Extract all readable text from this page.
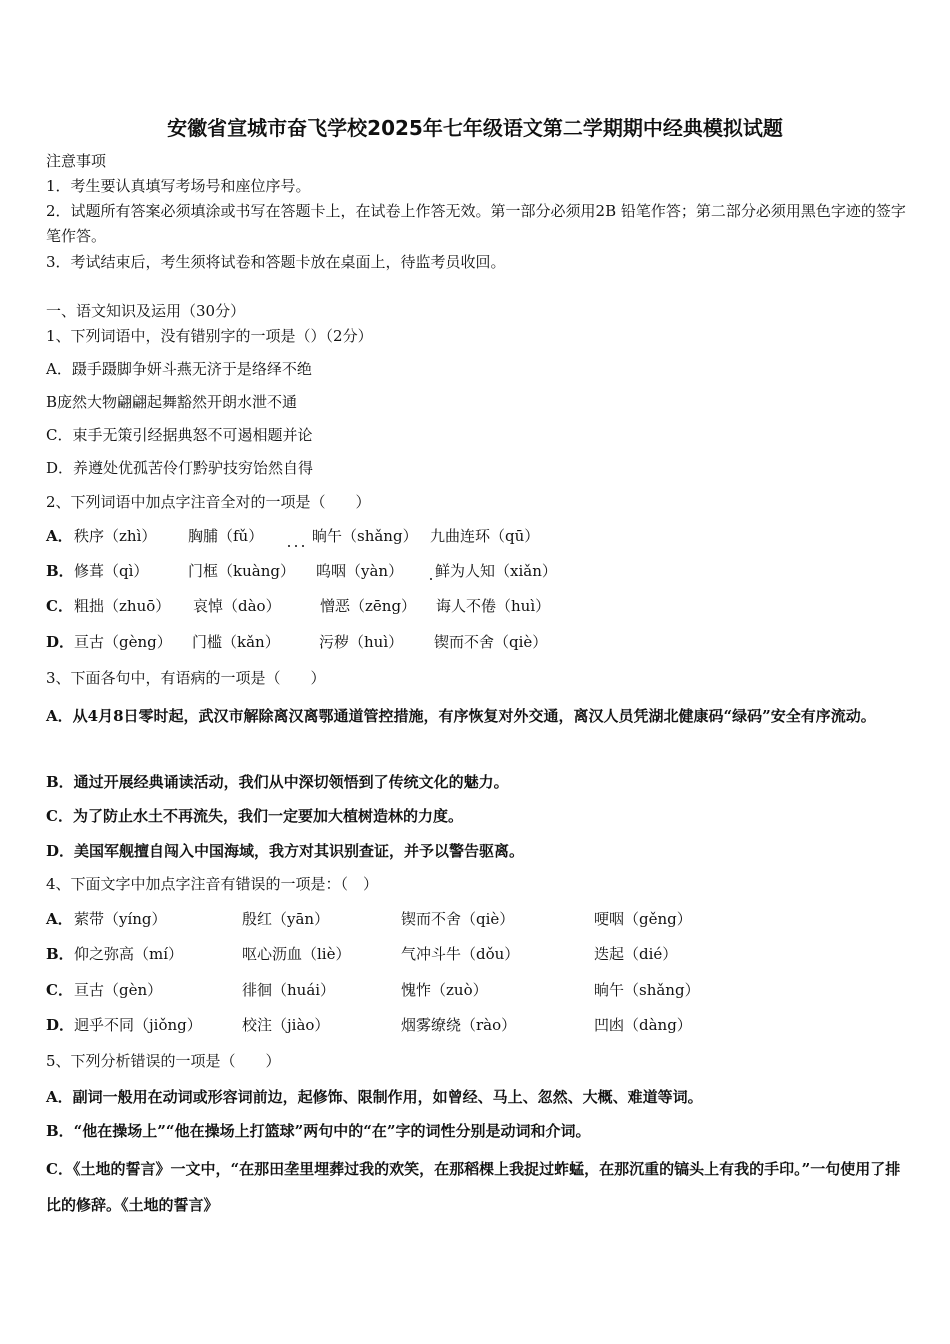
安徽省宣城市奋飞学校2025年七年级语文第二学期期中经典模拟试题
注意事项
1．考生要认真填写考场号和座位序号。
2．试题所有答案必须填涂或书写在答题卡上，在试卷上作答无效。第一部分必须用2B 铅笔作答；第二部分必须用黑色字迹的签字笔作答。
3．考试结束后，考生须将试卷和答题卡放在桌面上，待监考员收回。
一、语文知识及运用（30分）
1、下列词语中，没有错别字的一项是（）（2分）
A．蹑手蹑脚争妍斗燕无济于是络绎不绝
B庞然大物翩翩起舞豁然开朗水泄不通
C．束手无策引经据典怒不可遏相题并论
D．养遵处优孤苦伶仃黔驴技穷饴然自得
2、下列词语中加点字注音全对的一项是（　　）
A． 秩序（zhì） 胸脯（fǔ）	晌午（shǎng） 九曲连环（qū）
B． 修葺（qì）	门框（kuàng） 呜咽（yàn） 鲜为人知（xiǎn）
C． 粗拙（zhuō） 哀悼（dào）	憎恶（zēng） 诲人不倦（huì）
D． 亘古（gèng） 门槛（kǎn）	污秽（huì） 锲而不舍（qiè）
3、下面各句中，有语病的一项是（　　）
A．从4月8日零时起，武汉市解除离汉离鄂通道管控措施，有序恢复对外交通，离汉人员凭湖北健康码“绿码”安全有序流动。
B．通过开展经典诵读活动，我们从中深切领悟到了传统文化的魅力。
C．为了防止水土不再流失，我们一定要加大植树造林的力度。
D．美国军舰擅自闯入中国海域，我方对其识别查证，并予以警告驱离。
4、下面文字中加点字注音有错误的一项是：（　）
A． 萦带（yíng）	殷红（yān）	锲而不舍（qiè）	哽咽（gěng）
B． 仰之弥高（mí）	呕心沥血（liè）	气冲斗牛（dǒu）	迭起（dié）
C． 亘古（gèn）	徘徊（huái）	愧怍（zuò）	晌午（shǎng）
D． 迥乎不同（jiǒng）	校注（jiào）	烟雾缭绕（rào）	凹凼（dàng）
5、下列分析错误的一项是（　　）
A．副词一般用在动词或形容词前边，起修饰、限制作用，如曾经、马上、忽然、大概、难道等词。
B．“他在操场上”“他在操场上打篮球”两句中的“在”字的词性分别是动词和介词。
C．《土地的誓言》一文中，“在那田垄里埋葬过我的欢笑，在那稻棵上我捉过蚱蜢，在那沉重的镐头上有我的手印。”一句使用了排比的修辞。《土地的誓言》
